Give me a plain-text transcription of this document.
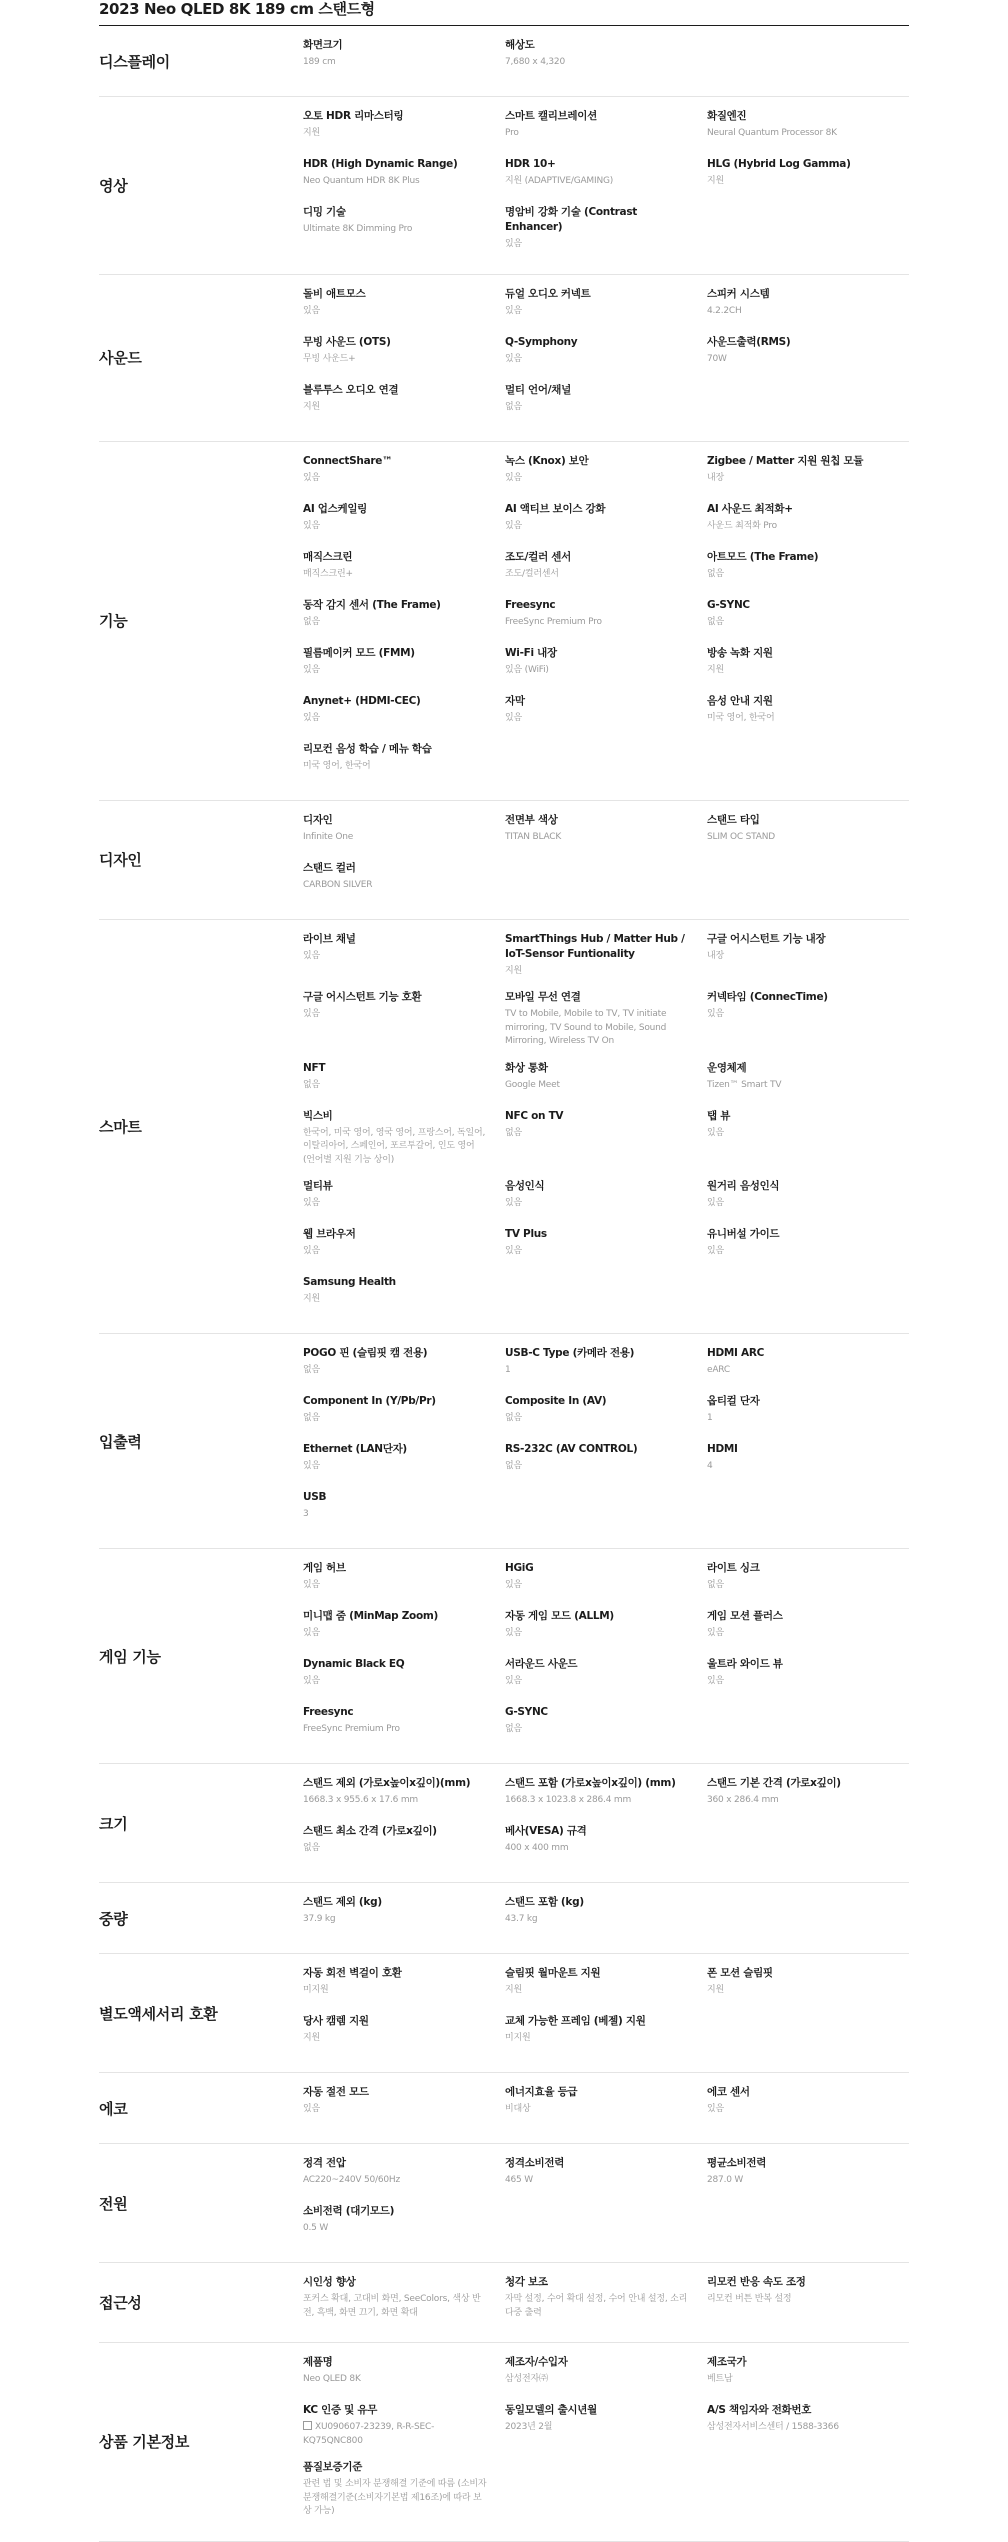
2023 Neo QLED 8K 189 cm 스탠드형
디스플레이
화면크기
189 cm
해상도
7,680 x 4,320
영상
오토 HDR 리마스터링
지원
스마트 캘리브레이션
Pro
화질엔진
Neural Quantum Processor 8K
HDR (High Dynamic Range)
Neo Quantum HDR 8K Plus
HDR 10+
지원 (ADAPTIVE/GAMING)
HLG (Hybrid Log Gamma)
지원
디밍 기술
Ultimate 8K Dimming Pro
명암비 강화 기술 (Contrast Enhancer)
있음
사운드
돌비 애트모스
있음
듀얼 오디오 커넥트
있음
스피커 시스템
4.2.2CH
무빙 사운드 (OTS)
무빙 사운드+
Q-Symphony
있음
사운드출력(RMS)
70W
블루투스 오디오 연결
지원
멀티 언어/채널
없음
기능
ConnectShare™
있음
녹스 (Knox) 보안
있음
Zigbee / Matter 지원 원칩 모듈
내장
AI 업스케일링
있음
AI 액티브 보이스 강화
있음
AI 사운드 최적화+
사운드 최적화 Pro
매직스크린
매직스크린+
조도/컬러 센서
조도/컬러센서
아트모드 (The Frame)
없음
동작 감지 센서 (The Frame)
없음
Freesync
FreeSync Premium Pro
G-SYNC
없음
필름메이커 모드 (FMM)
있음
Wi-Fi 내장
있음 (WiFi)
방송 녹화 지원
지원
Anynet+ (HDMI-CEC)
있음
자막
있음
음성 안내 지원
미국 영어, 한국어
리모컨 음성 학습 / 메뉴 학습
미국 영어, 한국어
디자인
디자인
Infinite One
전면부 색상
TITAN BLACK
스탠드 타입
SLIM OC STAND
스탠드 컬러
CARBON SILVER
스마트
라이브 채널
있음
SmartThings Hub / Matter Hub / IoT-Sensor Funtionality
지원
구글 어시스턴트 기능 내장
내장
구글 어시스턴트 기능 호환
있음
모바일 무선 연결
TV to Mobile, Mobile to TV, TV initiate mirroring, TV Sound to Mobile, Sound Mirroring, Wireless TV On
커넥타임 (ConnecTime)
있음
NFT
없음
화상 통화
Google Meet
운영체제
Tizen™ Smart TV
빅스비
한국어, 미국 영어, 영국 영어, 프랑스어, 독일어, 이탈리아어, 스페인어, 포르투갈어, 인도 영어 (언어별 지원 기능 상이)
NFC on TV
없음
탭 뷰
있음
멀티뷰
있음
음성인식
있음
원거리 음성인식
있음
웹 브라우저
있음
TV Plus
있음
유니버설 가이드
있음
Samsung Health
지원
입출력
POGO 핀 (슬림핏 캠 전용)
없음
USB-C Type (카메라 전용)
1
HDMI ARC
eARC
Component In (Y/Pb/Pr)
없음
Composite In (AV)
없음
옵티컬 단자
1
Ethernet (LAN단자)
있음
RS-232C (AV CONTROL)
없음
HDMI
4
USB
3
게임 기능
게임 허브
있음
HGiG
있음
라이트 싱크
없음
미니맵 줌 (MinMap Zoom)
있음
자동 게임 모드 (ALLM)
있음
게임 모션 플러스
있음
Dynamic Black EQ
있음
서라운드 사운드
있음
울트라 와이드 뷰
있음
Freesync
FreeSync Premium Pro
G-SYNC
없음
크기
스탠드 제외 (가로x높이x깊이)(mm)
1668.3 x 955.6 x 17.6 mm
스탠드 포함 (가로x높이x깊이) (mm)
1668.3 x 1023.8 x 286.4 mm
스탠드 기본 간격 (가로x깊이)
360 x 286.4 mm
스탠드 최소 간격 (가로x깊이)
없음
베사(VESA) 규격
400 x 400 mm
중량
스탠드 제외 (kg)
37.9 kg
스탠드 포함 (kg)
43.7 kg
별도액세서리 호환
자동 회전 벽걸이 호환
미지원
슬림핏 월마운트 지원
지원
폰 모션 슬림핏
지원
당사 캠렘 지원
지원
교체 가능한 프레임 (베젤) 지원
미지원
에코
자동 절전 모드
있음
에너지효율 등급
비대상
에코 센서
있음
전원
정격 전압
AC220~240V 50/60Hz
정격소비전력
465 W
평균소비전력
287.0 W
소비전력 (대기모드)
0.5 W
접근성
시인성 향상
포커스 확대, 고대비 화면, SeeColors, 색상 반전, 흑백, 화면 끄기, 화면 확대
청각 보조
자막 설정, 수어 확대 설정, 수어 안내 설정, 소리 다중 출력
리모컨 반응 속도 조정
리모컨 버튼 반복 설정
상품 기본정보
제품명
Neo QLED 8K
제조자/수입자
삼성전자㈜
제조국가
베트남
KC 인증 및 유무
XU090607-23239, R-R-SEC-KQ75QNC800
동일모델의 출시년월
2023년 2월
A/S 책임자와 전화번호
삼성전자서비스센터 / 1588-3366
품질보증기준
관련 법 및 소비자 분쟁해결 기준에 따름 (소비자분쟁해결기준(소비자기본법 제16조)에 따라 보상 가능)
